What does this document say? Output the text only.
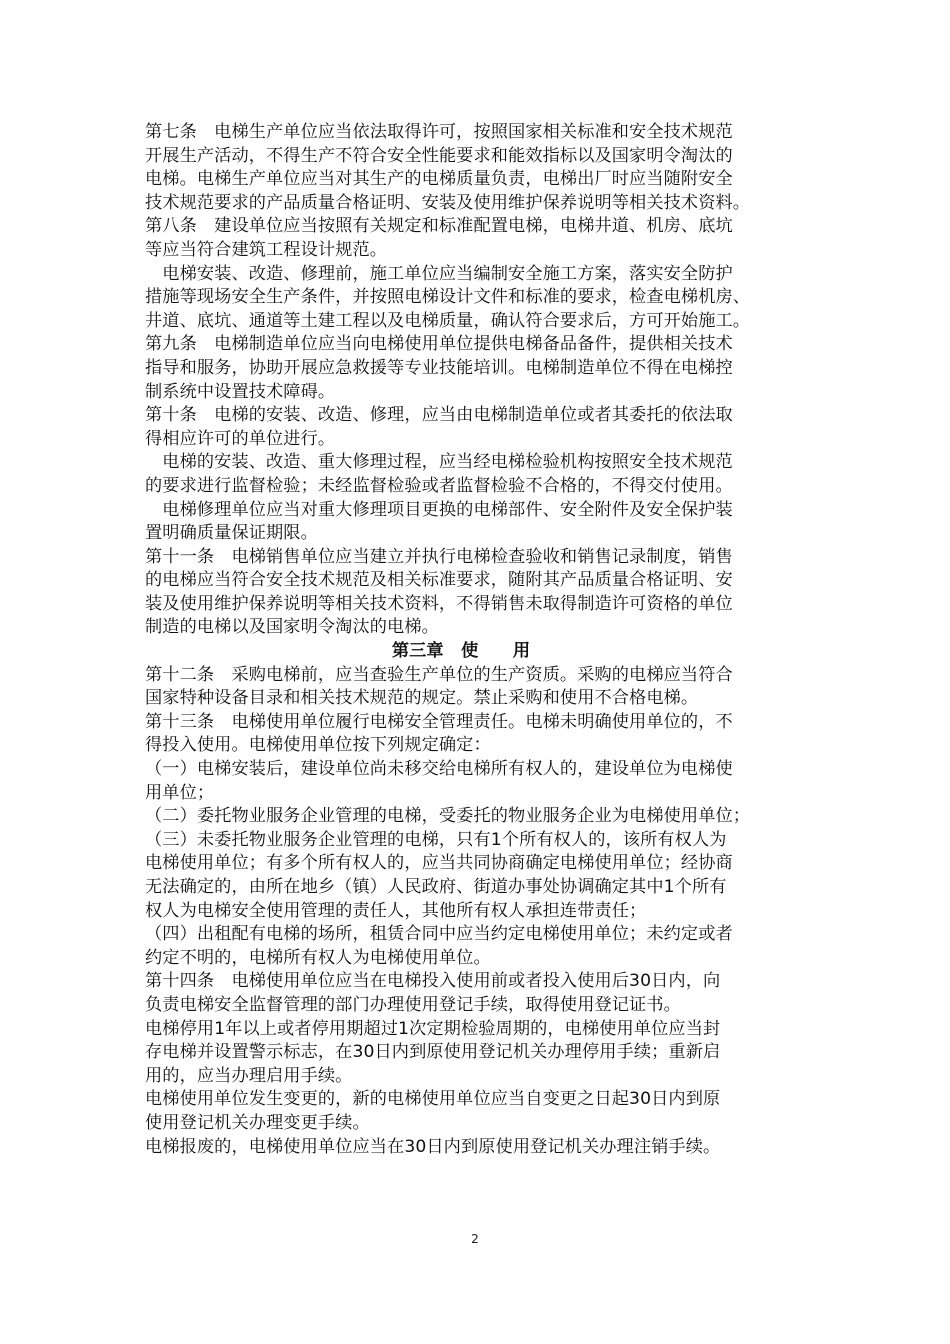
第七条　电梯生产单位应当依法取得许可，按照国家相关标准和安全技术规范
开展生产活动，不得生产不符合安全性能要求和能效指标以及国家明令淘汰的
电梯。电梯生产单位应当对其生产的电梯质量负责，电梯出厂时应当随附安全
技术规范要求的产品质量合格证明、安装及使用维护保养说明等相关技术资料。
第八条　建设单位应当按照有关规定和标准配置电梯，电梯井道、机房、底坑
等应当符合建筑工程设计规范。
　电梯安装、改造、修理前，施工单位应当编制安全施工方案，落实安全防护
措施等现场安全生产条件，并按照电梯设计文件和标准的要求，检查电梯机房、
井道、底坑、通道等土建工程以及电梯质量，确认符合要求后，方可开始施工。
第九条　电梯制造单位应当向电梯使用单位提供电梯备品备件，提供相关技术
指导和服务，协助开展应急救援等专业技能培训。电梯制造单位不得在电梯控
制系统中设置技术障碍。
第十条　电梯的安装、改造、修理，应当由电梯制造单位或者其委托的依法取
得相应许可的单位进行。
　电梯的安装、改造、重大修理过程，应当经电梯检验机构按照安全技术规范
的要求进行监督检验；未经监督检验或者监督检验不合格的，不得交付使用。
　电梯修理单位应当对重大修理项目更换的电梯部件、安全附件及安全保护装
置明确质量保证期限。
第十一条　电梯销售单位应当建立并执行电梯检查验收和销售记录制度，销售
的电梯应当符合安全技术规范及相关标准要求，随附其产品质量合格证明、安
装及使用维护保养说明等相关技术资料，不得销售未取得制造许可资格的单位
制造的电梯以及国家明令淘汰的电梯。
第三章　使　　用
第十二条　采购电梯前，应当查验生产单位的生产资质。采购的电梯应当符合
国家特种设备目录和相关技术规范的规定。禁止采购和使用不合格电梯。
第十三条　电梯使用单位履行电梯安全管理责任。电梯未明确使用单位的，不
得投入使用。电梯使用单位按下列规定确定：
（一）电梯安装后，建设单位尚未移交给电梯所有权人的，建设单位为电梯使
用单位；
（二）委托物业服务企业管理的电梯，受委托的物业服务企业为电梯使用单位；
（三）未委托物业服务企业管理的电梯，只有1个所有权人的，该所有权人为
电梯使用单位；有多个所有权人的，应当共同协商确定电梯使用单位；经协商
无法确定的，由所在地乡（镇）人民政府、街道办事处协调确定其中1个所有
权人为电梯安全使用管理的责任人，其他所有权人承担连带责任；
（四）出租配有电梯的场所，租赁合同中应当约定电梯使用单位；未约定或者
约定不明的，电梯所有权人为电梯使用单位。
第十四条　电梯使用单位应当在电梯投入使用前或者投入使用后30日内，向
负责电梯安全监督管理的部门办理使用登记手续，取得使用登记证书。
电梯停用1年以上或者停用期超过1次定期检验周期的，电梯使用单位应当封
存电梯并设置警示标志，在30日内到原使用登记机关办理停用手续；重新启
用的，应当办理启用手续。
电梯使用单位发生变更的，新的电梯使用单位应当自变更之日起30日内到原
使用登记机关办理变更手续。
电梯报废的，电梯使用单位应当在30日内到原使用登记机关办理注销手续。
2
